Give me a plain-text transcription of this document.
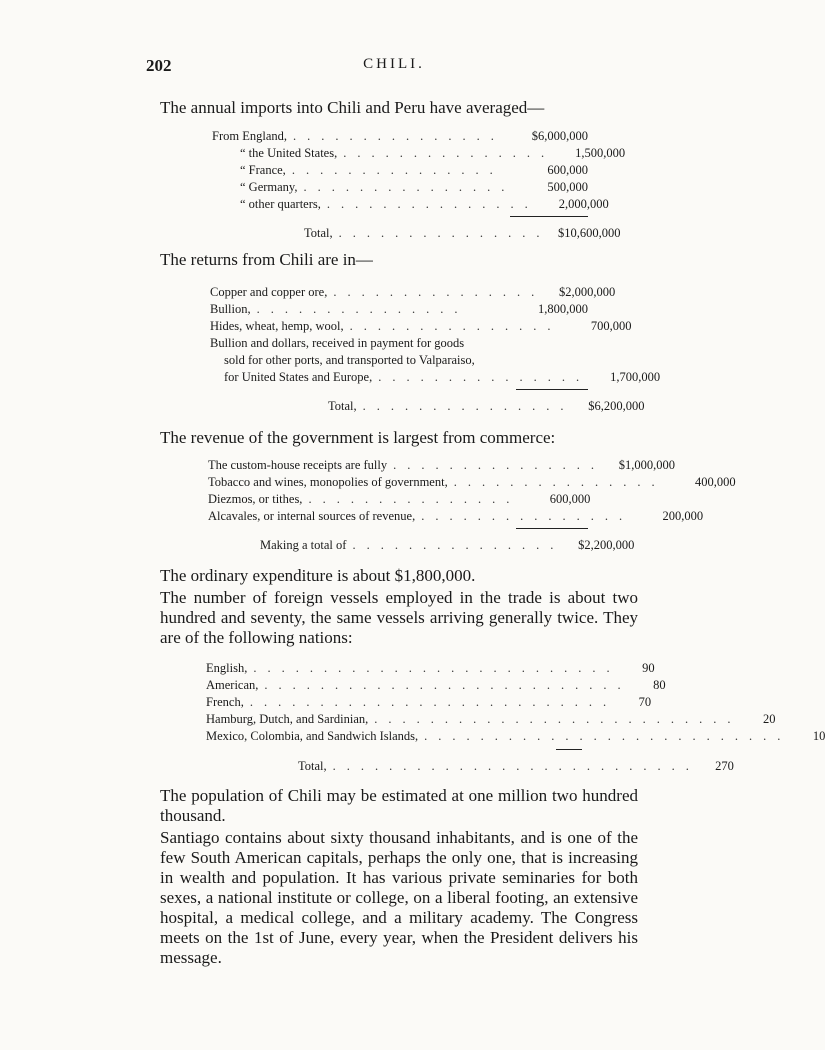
202	CHILI.
The annual imports into Chili and Peru have averaged—
From England, ...............	$6,000,000
“ the United States, ...............	1,500,000
“ France, ...............	600,000
“ Germany, ...............	500,000
“ other quarters, ...............	2,000,000
Total, ............... $10,600,000
The returns from Chili are in—
Copper and copper ore, ...............	$2,000,000
Bullion, ...............	1,800,000
Hides, wheat, hemp, wool, ...............	700,000
Bullion and dollars, received in payment for goods
sold for other ports, and transported to Valparaiso,
for United States and Europe, ...............	1,700,000
Total, ...............	$6,200,000
The revenue of the government is largest from commerce:
The custom-house receipts are fully ...............	$1,000,000
Tobacco and wines, monopolies of government, ...............	400,000
Diezmos, or tithes, ...............	600,000
Alcavales, or internal sources of revenue, ...............	200,000
Making a total of ...............	$2,200,000
The ordinary expenditure is about $1,800,000.
The number of foreign vessels employed in the trade is about two hundred and seventy, the same vessels arriving generally twice. They are of the following nations:
English, ..........................	90
American, ..........................	80
French, ..........................	70
Hamburg, Dutch, and Sardinian, ..........................	20
Mexico, Colombia, and Sandwich Islands, ..........................	10
Total, ..........................	270
The population of Chili may be estimated at one million two hundred thousand.
Santiago contains about sixty thousand inhabitants, and is one of the few South American capitals, perhaps the only one, that is increasing in wealth and population. It has various private seminaries for both sexes, a national institute or college, on a liberal footing, an extensive hospital, a medical college, and a military academy. The Congress meets on the 1st of June, every year, when the President delivers his message.
